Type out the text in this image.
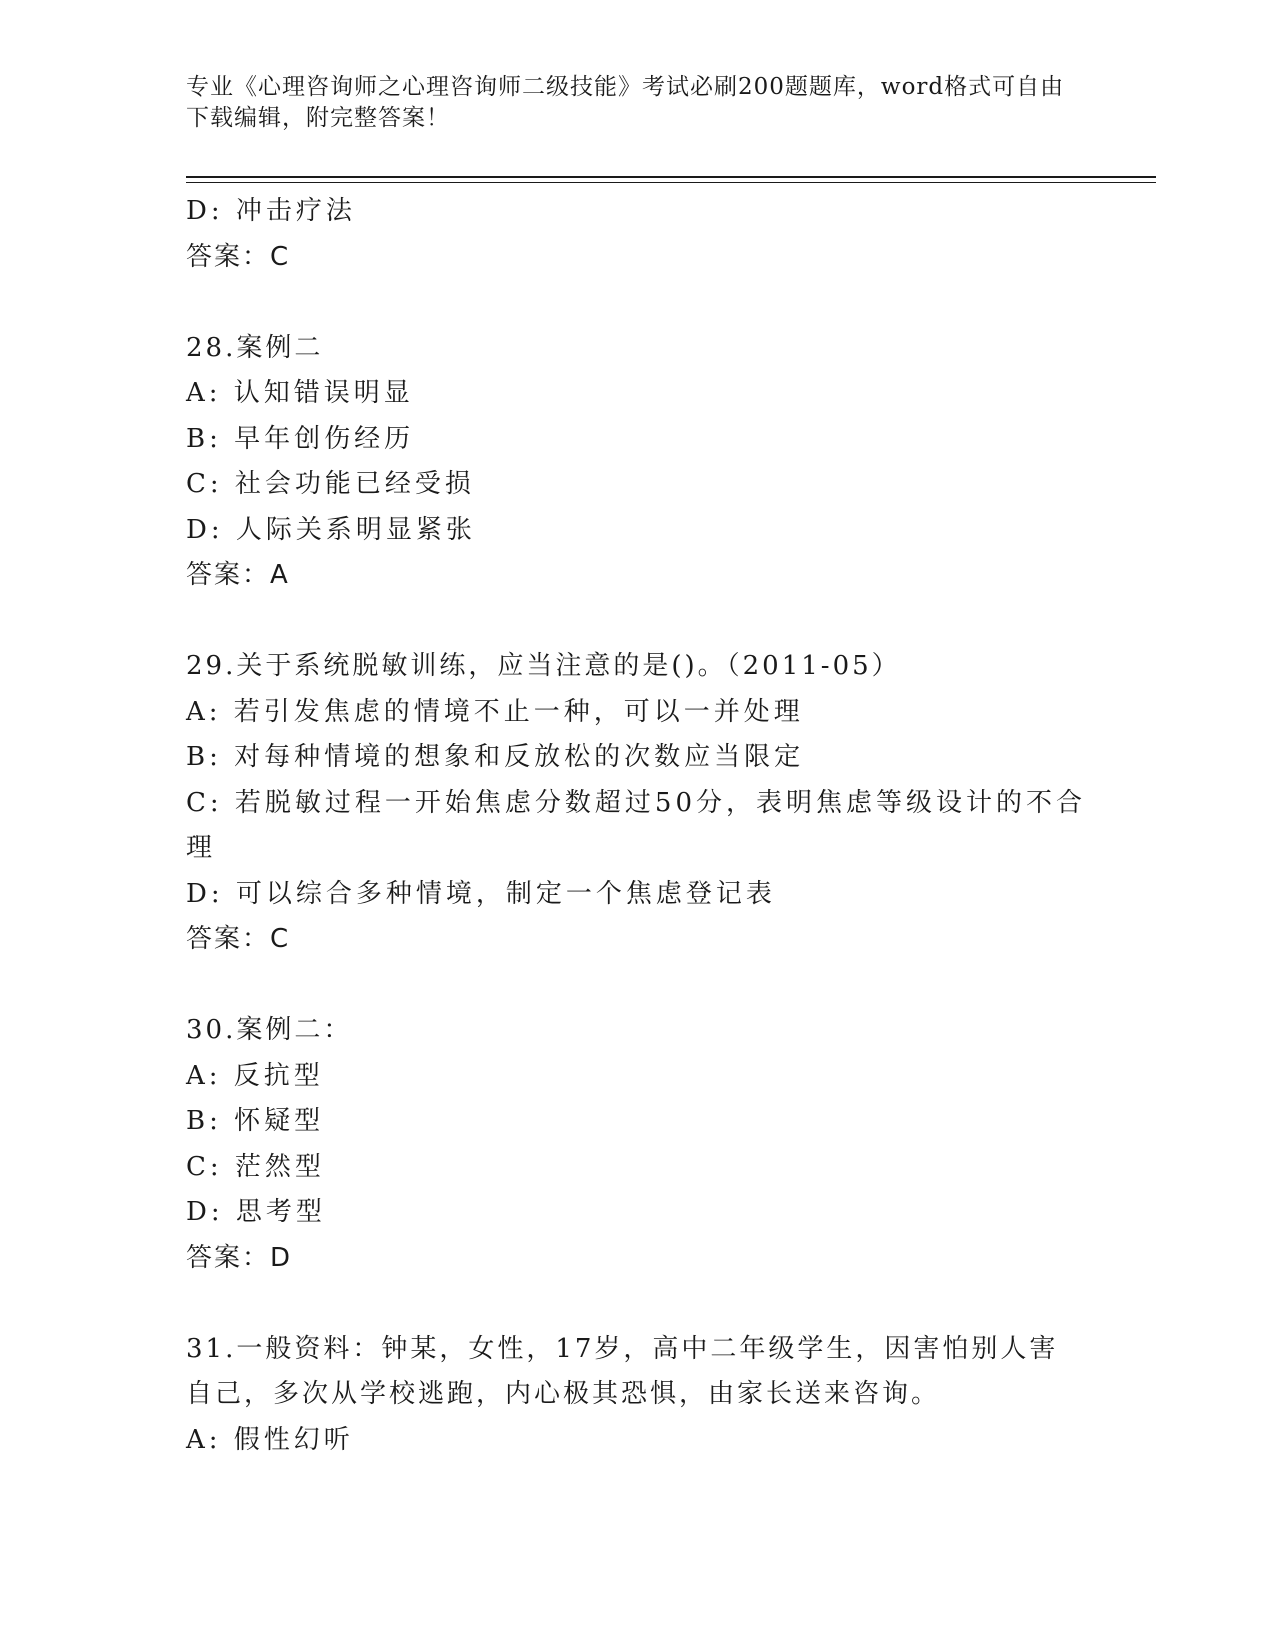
专业《心理咨询师之心理咨询师二级技能》考试必刷200题题库，word格式可自由下载编辑，附完整答案！
D: 冲击疗法
答案：C
28.案例二
A: 认知错误明显
B: 早年创伤经历
C: 社会功能已经受损
D: 人际关系明显紧张
答案：A
29.关于系统脱敏训练，应当注意的是()。（2011-05）
A: 若引发焦虑的情境不止一种，可以一并处理
B: 对每种情境的想象和反放松的次数应当限定
C: 若脱敏过程一开始焦虑分数超过50分，表明焦虑等级设计的不合理
D: 可以综合多种情境，制定一个焦虑登记表
答案：C
30.案例二：
A: 反抗型
B: 怀疑型
C: 茫然型
D: 思考型
答案：D
31.一般资料：钟某，女性，17岁，高中二年级学生，因害怕别人害自己，多次从学校逃跑，内心极其恐惧，由家长送来咨询。
A: 假性幻听
